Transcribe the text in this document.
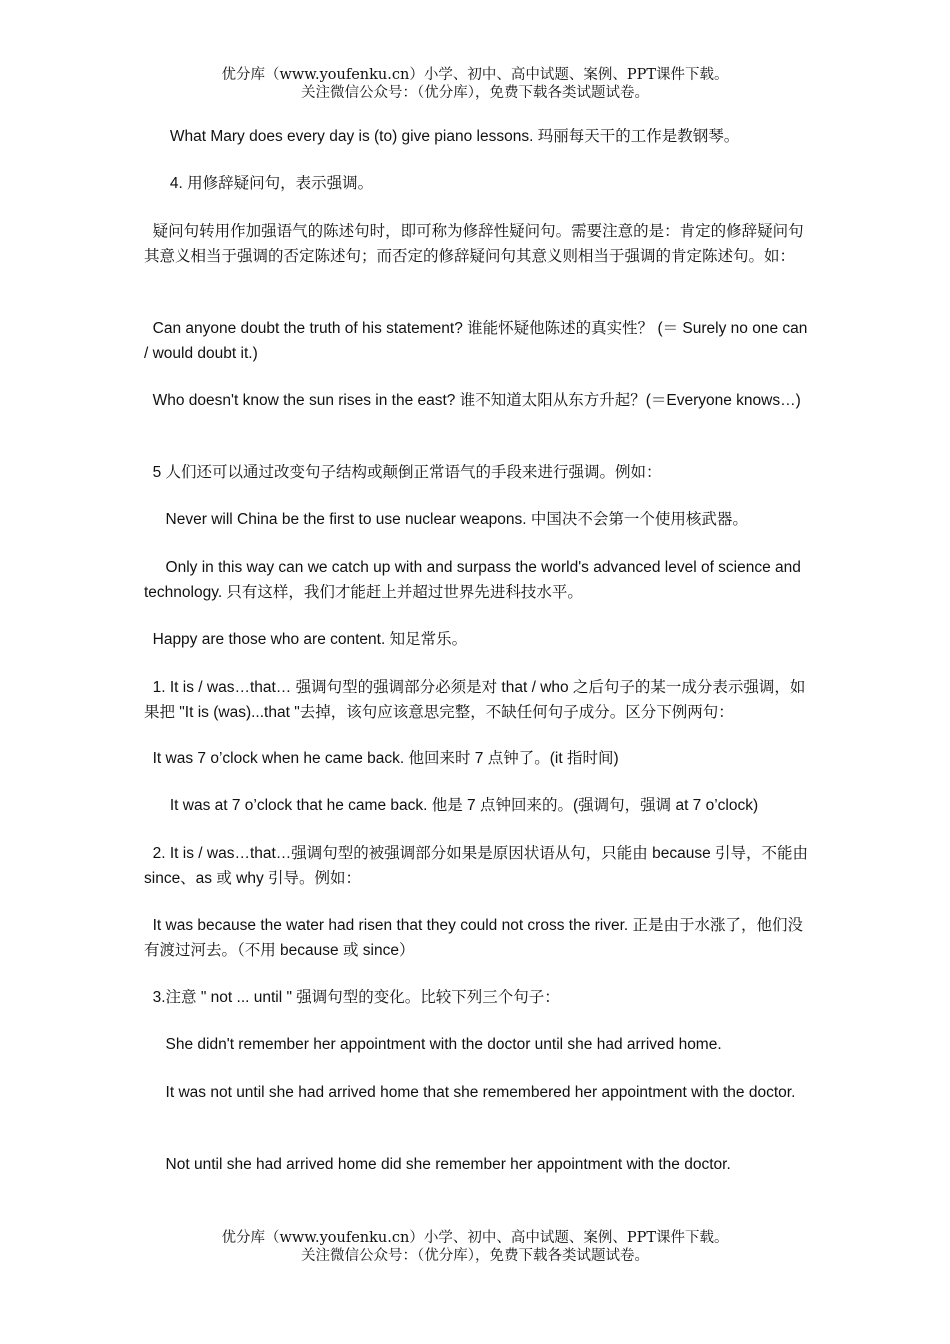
优分库（www.youfenku.cn）小学、初中、高中试题、案例、PPT课件下载。
关注微信公众号：（优分库），免费下载各类试题试卷。

What Mary does every day is (to) give piano lessons. 玛丽每天干的工作是教钢琴。

4. 用修辞疑问句，表示强调。

疑问句转用作加强语气的陈述句时，即可称为修辞性疑问句。需要注意的是：肯定的修辞疑问句其意义相当于强调的否定陈述句；而否定的修辞疑问句其意义则相当于强调的肯定陈述句。如：

Can anyone doubt the truth of his statement? 谁能怀疑他陈述的真实性？ (＝ Surely no one can / would doubt it.)

Who doesn't know the sun rises in the east? 谁不知道太阳从东方升起？(＝Everyone knows…)

5 人们还可以通过改变句子结构或颠倒正常语气的手段来进行强调。例如：

Never will China be the first to use nuclear weapons. 中国决不会第一个使用核武器。

Only in this way can we catch up with and surpass the world's advanced level of science and technology. 只有这样，我们才能赶上并超过世界先进科技水平。

Happy are those who are content. 知足常乐。

1. It is / was…that… 强调句型的强调部分必须是对 that / who 之后句子的某一成分表示强调，如果把 "It is (was)...that "去掉，该句应该意思完整，不缺任何句子成分。区分下例两句：

It was 7 o’clock when he came back. 他回来时 7 点钟了。(it 指时间)

It was at 7 o’clock that he came back. 他是 7 点钟回来的。(强调句，强调 at 7 o’clock)

2. It is / was…that…强调句型的被强调部分如果是原因状语从句，只能由 because 引导，不能由 since、as 或 why 引导。例如：

It was because the water had risen that they could not cross the river. 正是由于水涨了，他们没有渡过河去。（不用 because 或 since）

3.注意 " not ... until " 强调句型的变化。比较下列三个句子：

She didn't remember her appointment with the doctor until she had arrived home.

It was not until she had arrived home that she remembered her appointment with the doctor.

Not until she had arrived home did she remember her appointment with the doctor.

优分库（www.youfenku.cn）小学、初中、高中试题、案例、PPT课件下载。
关注微信公众号：（优分库），免费下载各类试题试卷。
